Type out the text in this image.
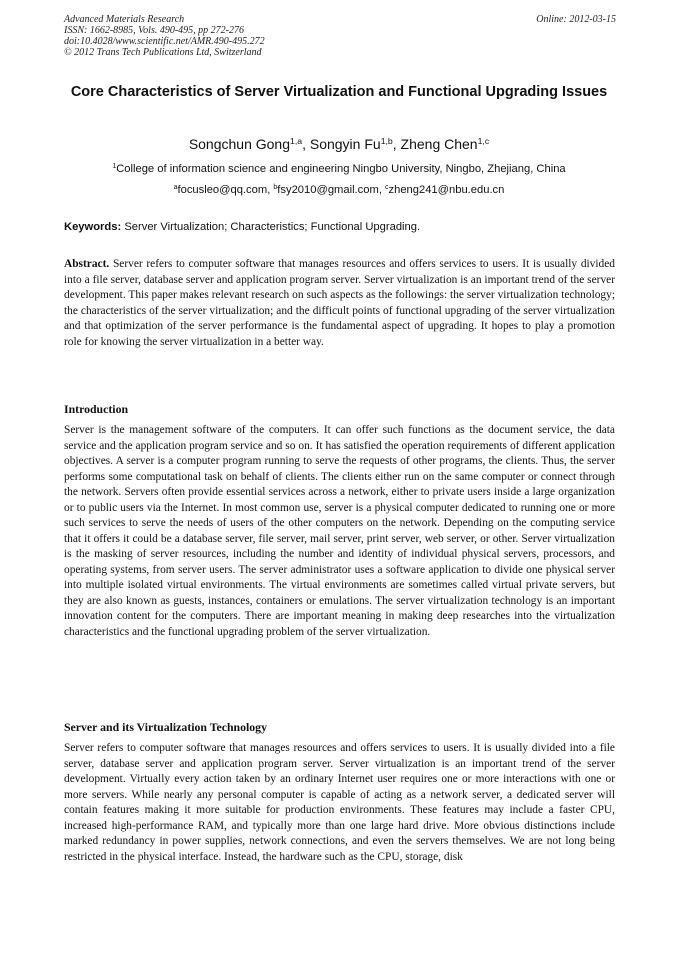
Advanced Materials Research
ISSN: 1662-8985, Vols. 490-495, pp 272-276
doi:10.4028/www.scientific.net/AMR.490-495.272
© 2012 Trans Tech Publications Ltd, Switzerland
Online: 2012-03-15
Core Characteristics of Server Virtualization and Functional Upgrading Issues
Songchun Gong$^{1,a}$, Songyin Fu$^{1,b}$, Zheng Chen$^{1,c}$
$^1$College of information science and engineering Ningbo University, Ningbo, Zhejiang, China
$^a$focusleo@qq.com, $^b$fsy2010@gmail.com, $^c$zheng241@nbu.edu.cn
Keywords: Server Virtualization; Characteristics; Functional Upgrading.

Abstract. Server refers to computer software that manages resources and offers services to users. It is usually divided into a file server, database server and application program server. Server virtualization is an important trend of the server development. This paper makes relevant research on such aspects as the followings: the server virtualization technology; the characteristics of the server virtualization; and the difficult points of functional upgrading of the server virtualization and that optimization of the server performance is the fundamental aspect of upgrading. It hopes to play a promotion role for knowing the server virtualization in a better way.

Introduction

Server is the management software of the computers. It can offer such functions as the document service, the data service and the application program service and so on. It has satisfied the operation requirements of different application objectives. A server is a computer program running to serve the requests of other programs, the clients. Thus, the server performs some computational task on behalf of clients. The clients either run on the same computer or connect through the network. Servers often provide essential services across a network, either to private users inside a large organization or to public users via the Internet. In most common use, server is a physical computer dedicated to running one or more such services to serve the needs of users of the other computers on the network. Depending on the computing service that it offers it could be a database server, file server, mail server, print server, web server, or other. Server virtualization is the masking of server resources, including the number and identity of individual physical servers, processors, and operating systems, from server users. The server administrator uses a software application to divide one physical server into multiple isolated virtual environments. The virtual environments are sometimes called virtual private servers, but they are also known as guests, instances, containers or emulations. The server virtualization technology is an important innovation content for the computers. There are important meaning in making deep researches into the virtualization characteristics and the functional upgrading problem of the server virtualization.

Server and its Virtualization Technology

Server refers to computer software that manages resources and offers services to users. It is usually divided into a file server, database server and application program server. Server virtualization is an important trend of the server development. Virtually every action taken by an ordinary Internet user requires one or more interactions with one or more servers. While nearly any personal computer is capable of acting as a network server, a dedicated server will contain features making it more suitable for production environments. These features may include a faster CPU, increased high-performance RAM, and typically more than one large hard drive. More obvious distinctions include marked redundancy in power supplies, network connections, and even the servers themselves. We are not long being restricted in the physical interface. Instead, the hardware such as the CPU, storage, disk
